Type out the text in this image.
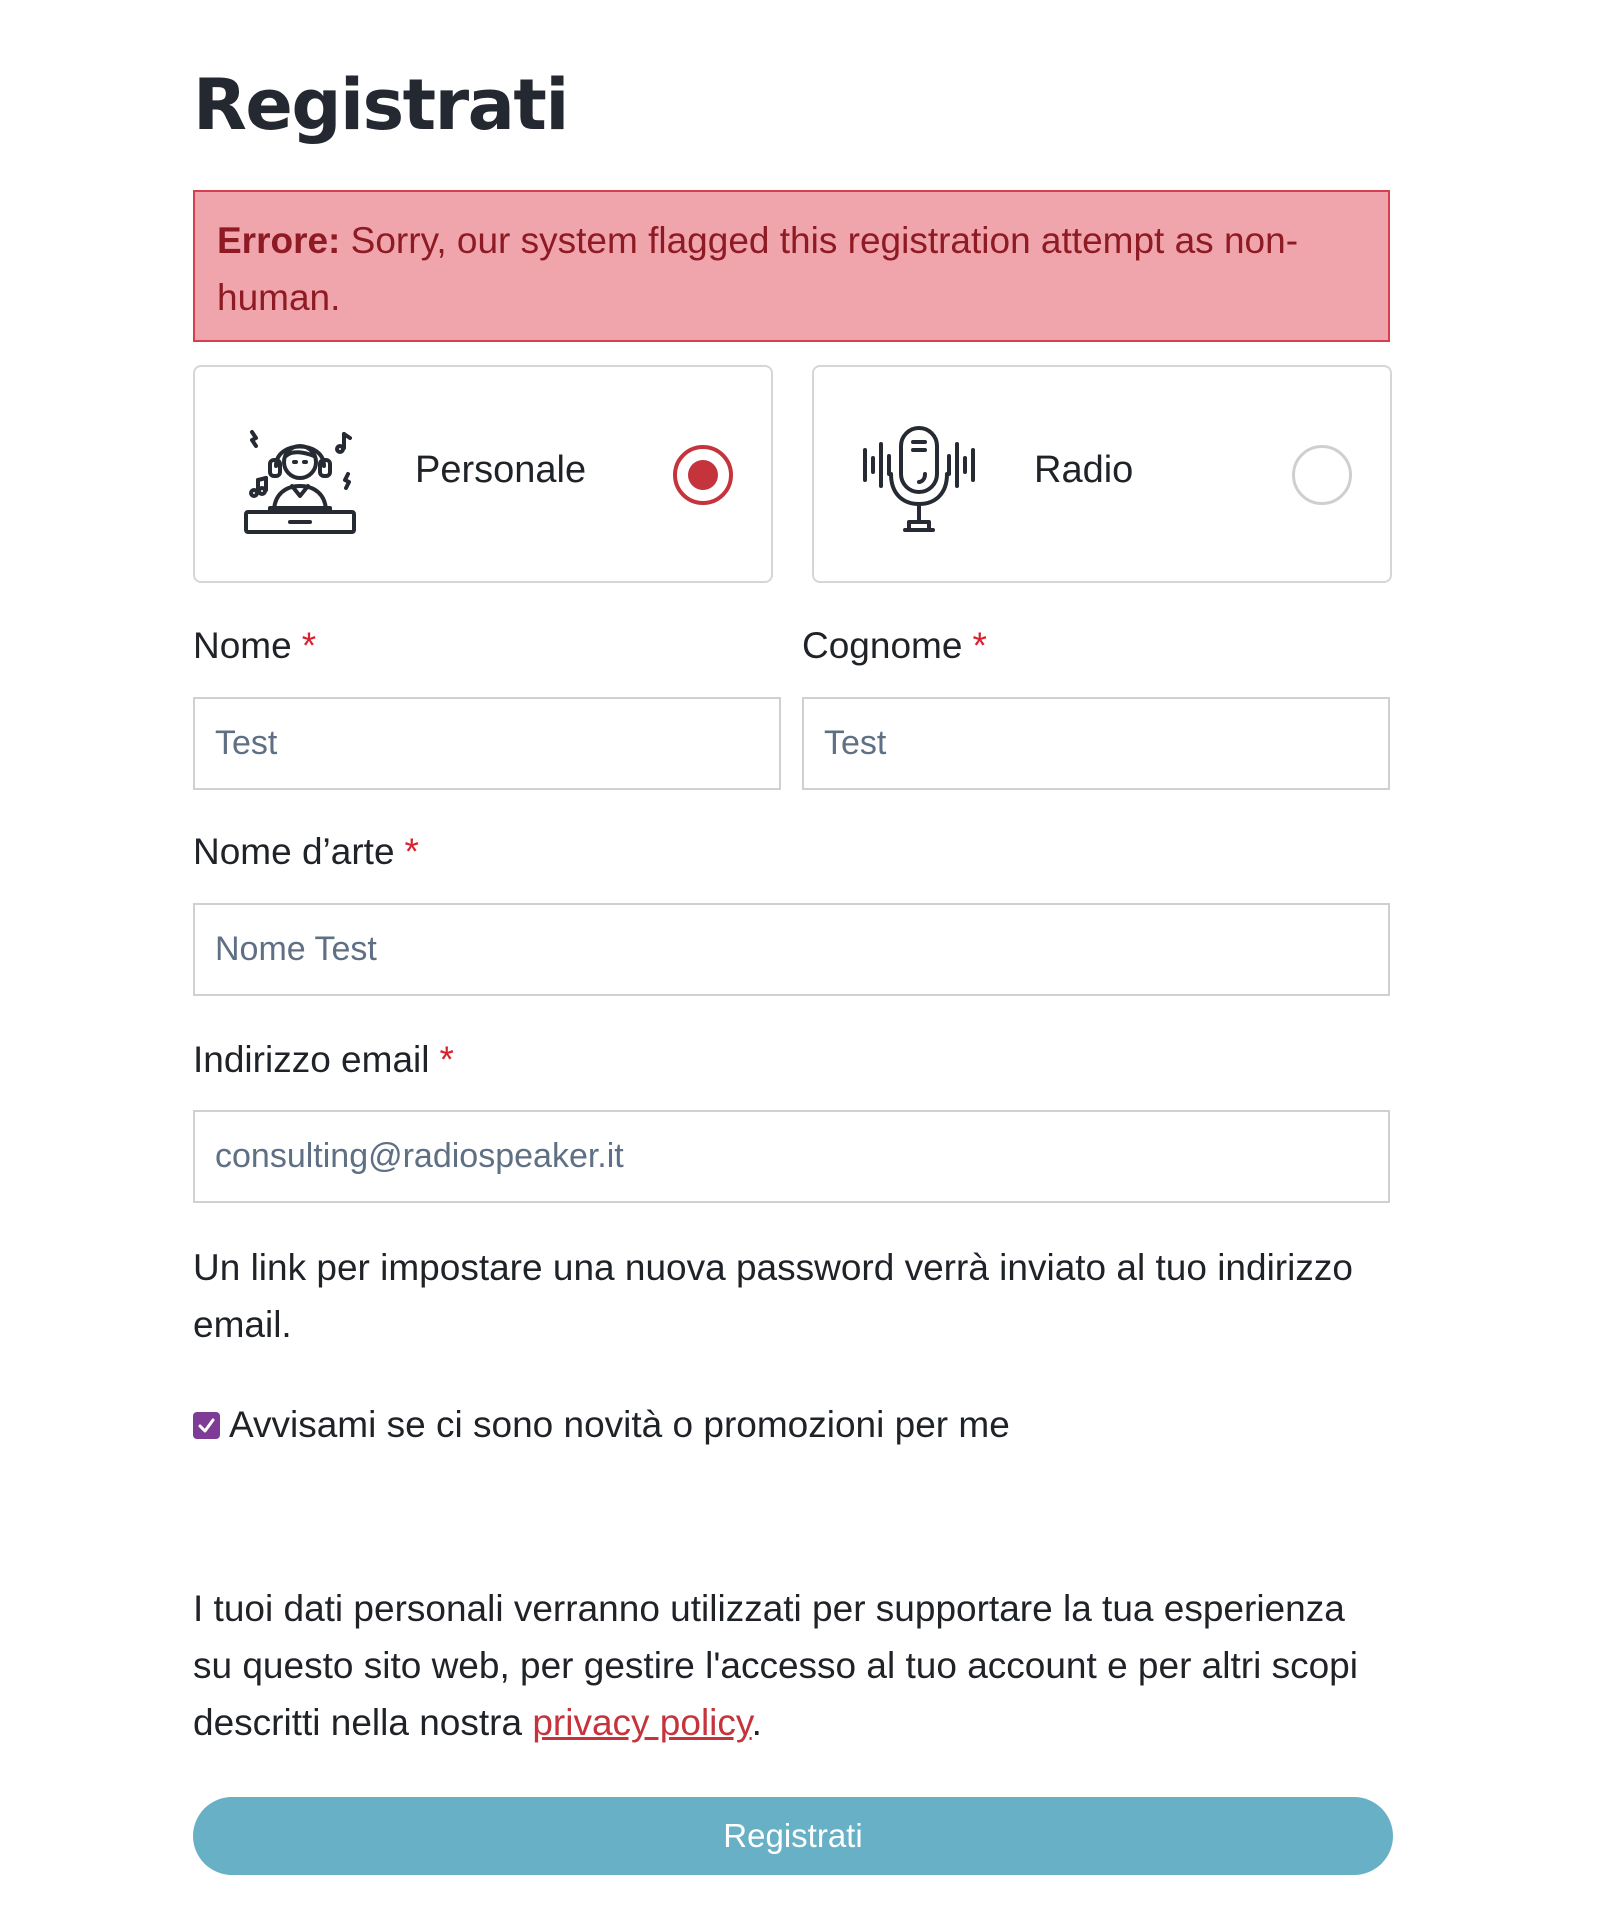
Registrati
Errore: Sorry, our system flagged this registration attempt as non-human.
Personale	Radio
Nome *
Test	Cognome *
Test
Nome d’arte *
Nome Test
Indirizzo email *
consulting@radiospeaker.it
Un link per impostare una nuova password verrà inviato al tuo indirizzo email.
Avvisami se ci sono novità o promozioni per me
I tuoi dati personali verranno utilizzati per supportare la tua esperienza su questo sito web, per gestire l'accesso al tuo account e per altri scopi descritti nella nostra privacy policy.
Registrati
